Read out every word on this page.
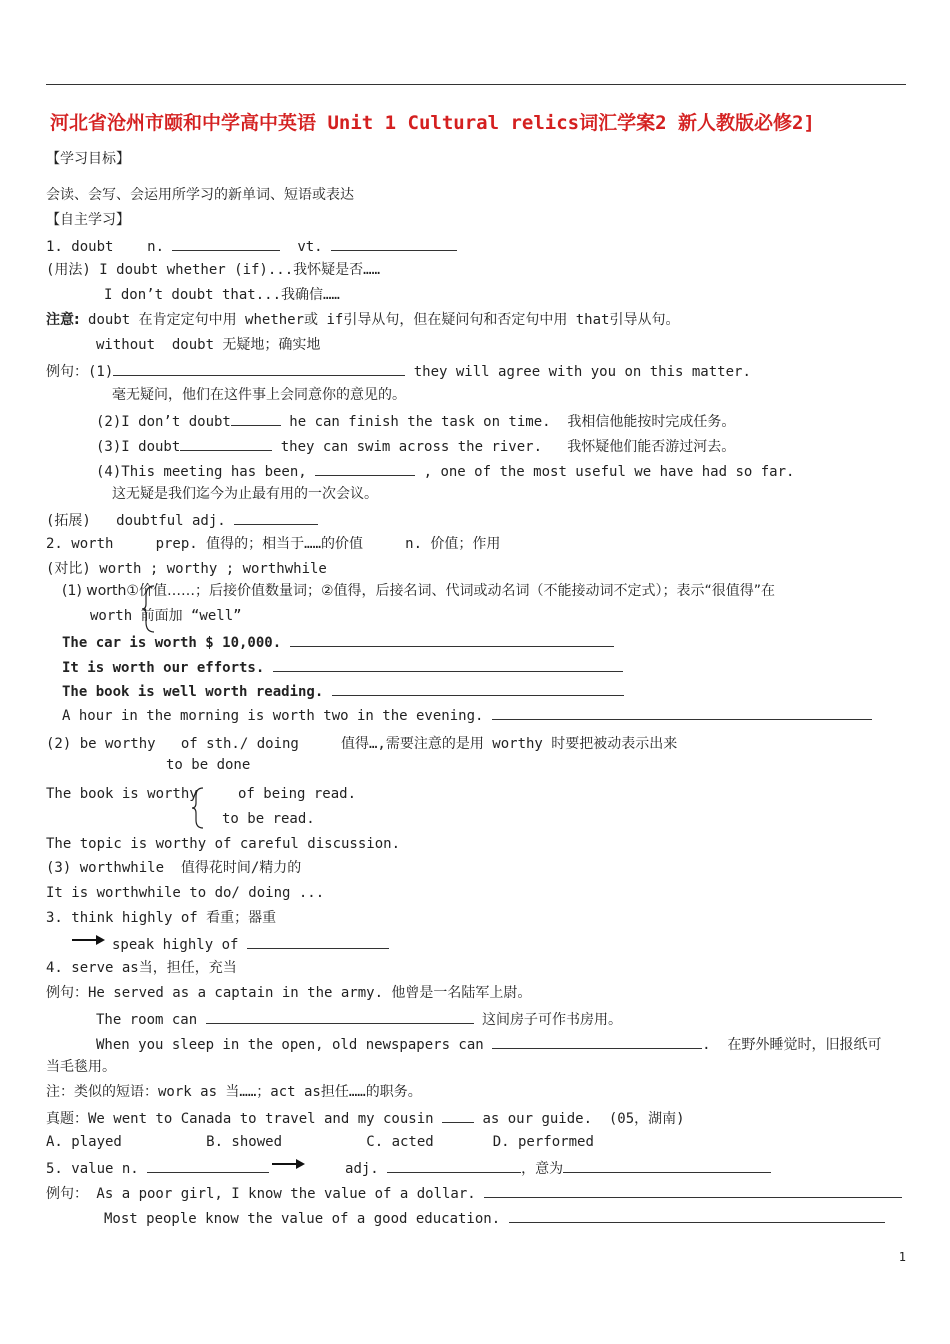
河北省沧州市颐和中学高中英语 Unit 1 Cultural relics词汇学案2 新人教版必修2]
【学习目标】
会读、会写、会运用所学习的新单词、短语或表达
【自主学习】
1. doubt    n.	vt.
(用法) I doubt whether (if)...我怀疑是否……
I don’t doubt that...我确信……
注意: doubt 在肯定定句中用 whether或 if引导从句，但在疑问句和否定句中用 that引导从句。
without  doubt 无疑地；确实地
例句：(1)	they will agree with you on this matter.
毫无疑问，他们在这件事上会同意你的意见的。
(2)I don’t doubt	he can finish the task on time.  我相信他能按时完成任务。
(3)I doubt	they can swim across the river.   我怀疑他们能否游过河去。
(4)This meeting has been,	, one of the most useful we have had so far.
这无疑是我们迄今为止最有用的一次会议。
(拓展)   doubtful adj.
2. worth     prep. 值得的；相当于……的价值     n. 价值；作用
(对比) worth ; worthy ; worthwhile
(1) worth①价值……；后接价值数量词；②值得，后接名词、代词或动名词（不能接动词不定式）；表示“很值得”在
worth 前面加 “well”
The car is worth $ 10,000.
It is worth our efforts.
The book is well worth reading.
A hour in the morning is worth two in the evening.
(2) be worthy   of sth./ doing     值得…,需要注意的是用 worthy 时要把被动表示出来
to be done
The book is worthy	of being read.
to be read.
The topic is worthy of careful discussion.
(3) worthwhile  值得花时间/精力的
It is worthwhile to do/ doing ...
3. think highly of 看重；器重
speak highly of
4. serve as当，担任，充当
例句：He served as a captain in the army. 他曾是一名陆军上尉。
The room can	这间房子可作书房用。
When you sleep in the open, old newspapers can	.  在野外睡觉时，旧报纸可
当毛毯用。
注：类似的短语：work as 当……；act as担任……的职务。
真题：We went to Canada to travel and my cousin	as our guide.  (05，湖南)
A. played          B. showed          C. acted       D. performed
5. value n.	adj.	，意为
例句： As a poor girl, I know the value of a dollar.
Most people know the value of a good education.
1
